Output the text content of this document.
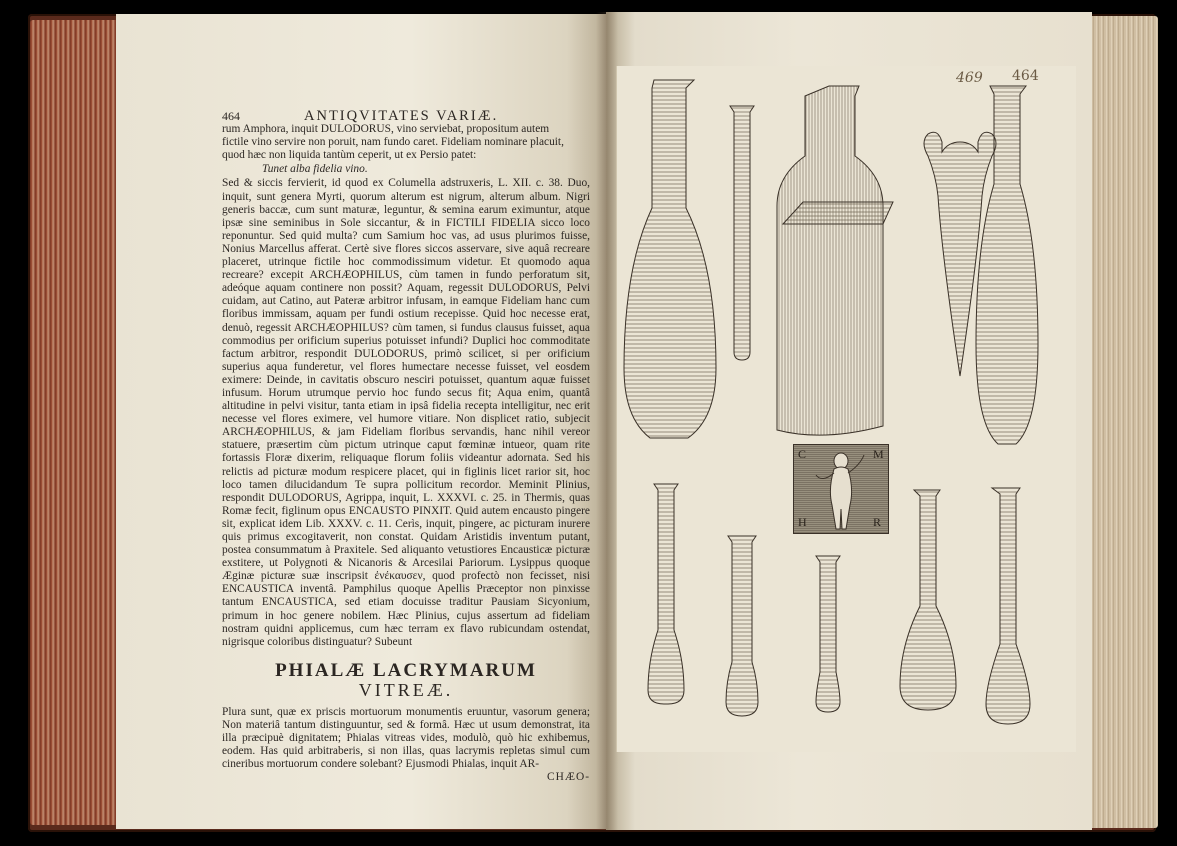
464	ANTIQVITATES VARIÆ.

rum Amphora, inquit DULODORUS, vino serviebat, propositum autem

fictile vino servire non poruit, nam fundo caret. Fideliam nominare placuit,

quod hæc non liquida tantùm ceperit, ut ex Persio patet:

Tunet alba fidelia vino.

Sed & siccis fervierit, id quod ex Columella adstruxeris, L. XII. c. 38. Duo, inquit, sunt genera Myrti, quorum alterum est nigrum, alterum album. Nigri generis baccæ, cum sunt maturæ, leguntur, & semina earum eximuntur, atque ipsæ sine seminibus in Sole siccantur, & in FICTILI FIDELIA sicco loco reponuntur. Sed quid multa? cum Samium hoc vas, ad usus plurimos fuisse, Nonius Marcellus afferat. Certè sive flores siccos asservare, sive aquâ recreare placeret, utrinque fictile hoc commodissimum videtur. Et quomodo aqua recreare? excepit ARCHÆOPHILUS, cùm tamen in fundo perforatum sit, adeóque aquam continere non possit? Aquam, regessit DULODORUS, Pelvi cuidam, aut Catino, aut Pateræ arbitror infusam, in eamque Fideliam hanc cum floribus immissam, aquam per fundi ostium recepisse. Quid hoc necesse erat, denuò, regessit ARCHÆOPHILUS? cùm tamen, si fundus clausus fuisset, aqua commodius per orificium superius potuisset infundi? Duplici hoc commoditate factum arbitror, respondit DULODORUS, primò scilicet, si per orificium superius aqua funderetur, vel flores humectare necesse fuisset, vel eosdem eximere: Deinde, in cavitatis obscuro nesciri potuisset, quantum aquæ fuisset infusum. Horum utrumque pervio hoc fundo secus fit; Aqua enim, quantâ altitudine in pelvi visitur, tanta etiam in ipsâ fidelia recepta intelligitur, nec erit necesse vel flores eximere, vel humore vitiare. Non displicet ratio, subjecit ARCHÆOPHILUS, & jam Fideliam floribus servandis, hanc nihil vereor statuere, præsertim cùm pictum utrinque caput fœminæ intueor, quam rite fortassis Floræ dixerim, reliquaque florum foliis videantur adornata. Sed his relictis ad picturæ modum respicere placet, qui in figlinis licet rarior sit, hoc loco tamen dilucidandum Te supra pollicitum recordor. Meminit Plinius, respondit DULODORUS, Agrippa, inquit, L. XXXVI. c. 25. in Thermis, quas Romæ fecit, figlinum opus ENCAUSTO PINXIT. Quid autem encausto pingere sit, explicat idem Lib. XXXV. c. 11. Cerìs, inquit, pingere, ac picturam inurere quis primus excogitaverit, non constat. Quidam Aristidis inventum putant, postea consummatum à Praxitele. Sed aliquanto vetustiores Encausticæ picturæ exstitere, ut Polygnoti & Nicanoris & Arcesilai Pariorum. Lysippus quoque Æginæ picturæ suæ inscripsit ἐνέκαυσεν, quod profectò non fecisset, nisi ENCAUSTICA inventâ. Pamphilus quoque Apellis Præceptor non pinxisse tantum ENCAUSTICA, sed etiam docuisse traditur Pausiam Sicyonium, primum in hoc genere nobilem. Hæc Plinius, cujus assertum ad fideliam nostram quidni applicemus, cum hæc terram ex flavo rubicundam ostendat, nigrisque coloribus distinguatur? Subeunt

PHIALÆ LACRYMARUM
VITREÆ.

Plura sunt, quæ ex priscis mortuorum monumentis eruuntur, vasorum genera; Non materiâ tantum distinguuntur, sed & formâ. Hæc ut usum demonstrat, ita illa præcipuè dignitatem; Phialas vitreas vides, modulò, quò hic exhibemus, eodem. Has quid arbitraberis, si non illas, quas lacrymis repletas simul cum cineribus mortuorum condere solebant? Ejusmodi Phialas, inquit AR-

CHÆO-
469 464
C	M
H	R
